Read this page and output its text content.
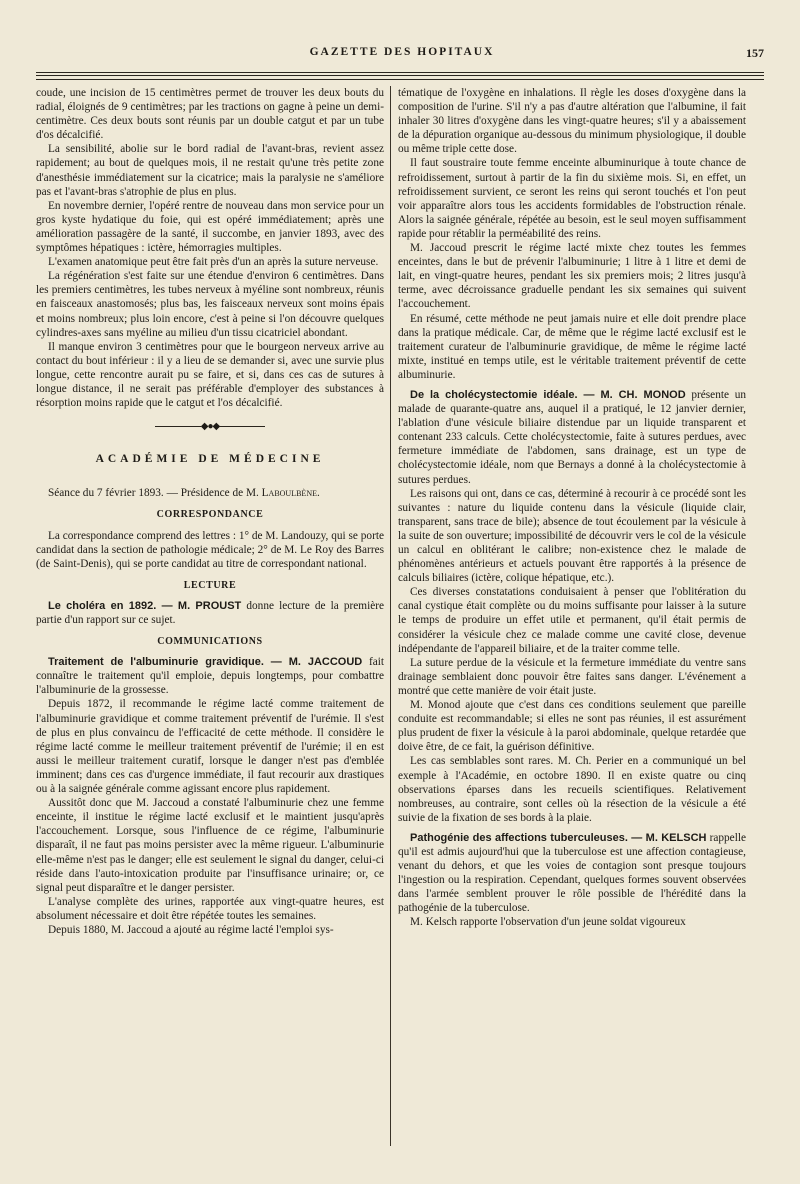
GAZETTE DES HOPITAUX	157

coude, une incision de 15 centimètres permet de trouver les deux bouts du radial, éloignés de 9 centimètres; par les tractions on gagne à peine un demi-centimètre. Ces deux bouts sont réunis par un double catgut et par un tube d'os décalcifié.

La sensibilité, abolie sur le bord radial de l'avant-bras, revient assez rapidement; au bout de quelques mois, il ne restait qu'une très petite zone d'anesthésie immédiatement sur la cicatrice; mais la paralysie ne s'améliore pas et l'avant-bras s'atrophie de plus en plus.

En novembre dernier, l'opéré rentre de nouveau dans mon service pour un gros kyste hydatique du foie, qui est opéré immédiatement; après une amélioration passagère de la santé, il succombe, en janvier 1893, avec des symptômes hépatiques : ictère, hémorragies multiples.

L'examen anatomique peut être fait près d'un an après la suture nerveuse.

La régénération s'est faite sur une étendue d'environ 6 centimètres. Dans les premiers centimètres, les tubes nerveux à myéline sont nombreux, réunis en faisceaux anastomosés; plus bas, les faisceaux nerveux sont moins épais et moins nombreux; plus loin encore, c'est à peine si l'on découvre quelques cylindres-axes sans myéline au milieu d'un tissu cicatriciel abondant.

Il manque environ 3 centimètres pour que le bourgeon nerveux arrive au contact du bout inférieur : il y a lieu de se demander si, avec une survie plus longue, cette rencontre aurait pu se faire, et si, dans ces cas de sutures à longue distance, il ne serait pas préférable d'employer des substances à résorption moins rapide que le catgut et l'os décalcifié.

◆●◆
ACADÉMIE DE MÉDECINE

Séance du 7 février 1893. — Présidence de M. Laboulbène.

CORRESPONDANCE

La correspondance comprend des lettres : 1° de M. Landouzy, qui se porte candidat dans la section de pathologie médicale; 2° de M. Le Roy des Barres (de Saint-Denis), qui se porte candidat au titre de correspondant national.

LECTURE

Le choléra en 1892. — M. PROUST donne lecture de la première partie d'un rapport sur ce sujet.

COMMUNICATIONS

Traitement de l'albuminurie gravidique. — M. JACCOUD fait connaître le traitement qu'il emploie, depuis longtemps, pour combattre l'albuminurie de la grossesse.

Depuis 1872, il recommande le régime lacté comme traitement de l'albuminurie gravidique et comme traitement préventif de l'urémie. Il s'est de plus en plus convaincu de l'efficacité de cette méthode. Il considère le régime lacté comme le meilleur traitement préventif de l'urémie; il en est aussi le meilleur traitement curatif, lorsque le danger n'est pas d'emblée imminent; dans ces cas d'urgence immédiate, il faut recourir aux drastiques ou à la saignée générale comme agissant encore plus rapidement.

Aussitôt donc que M. Jaccoud a constaté l'albuminurie chez une femme enceinte, il institue le régime lacté exclusif et le maintient jusqu'après l'accouchement. Lorsque, sous l'influence de ce régime, l'albuminurie disparaît, il ne faut pas moins persister avec la même rigueur. L'albuminurie elle-même n'est pas le danger; elle est seulement le signal du danger, celui-ci réside dans l'auto-intoxication produite par l'insuffisance urinaire; or, ce signal peut disparaître et le danger persister.

L'analyse complète des urines, rapportée aux vingt-quatre heures, est absolument nécessaire et doit être répétée toutes les semaines.

Depuis 1880, M. Jaccoud a ajouté au régime lacté l'emploi sys-

tématique de l'oxygène en inhalations. Il règle les doses d'oxygène dans la composition de l'urine. S'il n'y a pas d'autre altération que l'albumine, il fait inhaler 30 litres d'oxygène dans les vingt-quatre heures; s'il y a abaissement de la dépuration organique au-dessous du minimum physiologique, il double ou même triple cette dose.

Il faut soustraire toute femme enceinte albuminurique à toute chance de refroidissement, surtout à partir de la fin du sixième mois. Si, en effet, un refroidissement survient, ce seront les reins qui seront touchés et l'on peut voir apparaître alors tous les accidents formidables de l'obstruction rénale. Alors la saignée générale, répétée au besoin, est le seul moyen suffisamment rapide pour rétablir la perméabilité des reins.

M. Jaccoud prescrit le régime lacté mixte chez toutes les femmes enceintes, dans le but de prévenir l'albuminurie; 1 litre à 1 litre et demi de lait, en vingt-quatre heures, pendant les six premiers mois; 2 litres jusqu'à terme, avec décroissance graduelle pendant les six semaines qui suivent l'accouchement.

En résumé, cette méthode ne peut jamais nuire et elle doit prendre place dans la pratique médicale. Car, de même que le régime lacté exclusif est le traitement curateur de l'albuminurie gravidique, de même le régime lacté mixte, institué en temps utile, est le véritable traitement préventif de cette albuminurie.

De la cholécystectomie idéale. — M. CH. MONOD présente un malade de quarante-quatre ans, auquel il a pratiqué, le 12 janvier dernier, l'ablation d'une vésicule biliaire distendue par un liquide transparent et contenant 233 calculs. Cette cholécystectomie, faite à sutures perdues, avec fermeture immédiate de l'abdomen, sans drainage, est un type de cholécystectomie idéale, nom que Bernays a donné à la cholécystectomie à sutures perdues.

Les raisons qui ont, dans ce cas, déterminé à recourir à ce procédé sont les suivantes : nature du liquide contenu dans la vésicule (liquide clair, transparent, sans trace de bile); absence de tout écoulement par la vésicule à la suite de son ouverture; impossibilité de découvrir vers le col de la vésicule un calcul en oblitérant le calibre; non-existence chez le malade de phénomènes antérieurs et actuels pouvant être rapportés à la présence de calculs biliaires (ictère, colique hépatique, etc.).

Ces diverses constatations conduisaient à penser que l'oblitération du canal cystique était complète ou du moins suffisante pour laisser à la suture le temps de produire un effet utile et permanent, qu'il était permis de considérer la vésicule chez ce malade comme une cavité close, devenue indépendante de l'appareil biliaire, et de la traiter comme telle.

La suture perdue de la vésicule et la fermeture immédiate du ventre sans drainage semblaient donc pouvoir être faites sans danger. L'événement a montré que cette manière de voir était juste.

M. Monod ajoute que c'est dans ces conditions seulement que pareille conduite est recommandable; si elles ne sont pas réunies, il est assurément plus prudent de fixer la vésicule à la paroi abdominale, quelque retardée que doive être, de ce fait, la guérison définitive.

Les cas semblables sont rares. M. Ch. Perier en a communiqué un bel exemple à l'Académie, en octobre 1890. Il en existe quatre ou cinq observations éparses dans les recueils scientifiques. Relativement nombreuses, au contraire, sont celles où la résection de la vésicule a été suivie de la fixation de ses bords à la plaie.

Pathogénie des affections tuberculeuses. — M. KELSCH rappelle qu'il est admis aujourd'hui que la tuberculose est une affection contagieuse, venant du dehors, et que les voies de contagion sont presque toujours l'ingestion ou la respiration. Cependant, quelques formes souvent observées dans l'armée semblent prouver le rôle possible de l'hérédité dans la pathogénie de la tuberculose.

M. Kelsch rapporte l'observation d'un jeune soldat vigoureux
